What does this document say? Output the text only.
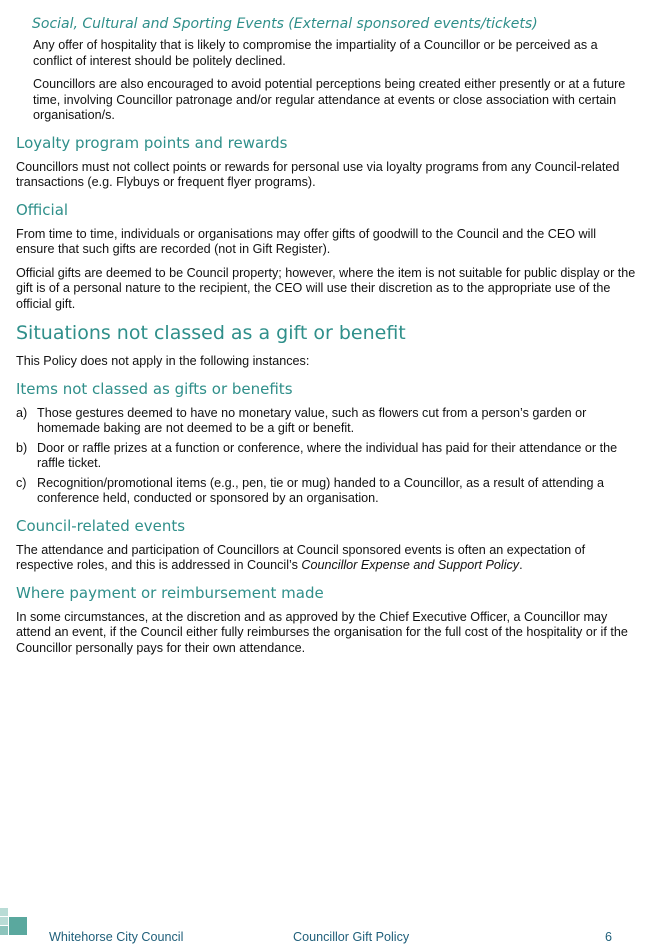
Social, Cultural and Sporting Events (External sponsored events/tickets)

Any offer of hospitality that is likely to compromise the impartiality of a Councillor or be perceived as a conflict of interest should be politely declined.

Councillors are also encouraged to avoid potential perceptions being created either presently or at a future time, involving Councillor patronage and/or regular attendance at events or close association with certain organisation/s.

Loyalty program points and rewards

Councillors must not collect points or rewards for personal use via loyalty programs from any Council-related transactions (e.g. Flybuys or frequent flyer programs).

Official

From time to time, individuals or organisations may offer gifts of goodwill to the Council and the CEO will ensure that such gifts are recorded (not in Gift Register).

Official gifts are deemed to be Council property; however, where the item is not suitable for public display or the gift is of a personal nature to the recipient, the CEO will use their discretion as to the appropriate use of the official gift.

Situations not classed as a gift or benefit

This Policy does not apply in the following instances:

Items not classed as gifts or benefits
a) Those gestures deemed to have no monetary value, such as flowers cut from a person’s garden or homemade baking are not deemed to be a gift or benefit.
b) Door or raffle prizes at a function or conference, where the individual has paid for their attendance or the raffle ticket.
c) Recognition/promotional items (e.g., pen, tie or mug) handed to a Councillor, as a result of attending a conference held, conducted or sponsored by an organisation.
Council-related events

The attendance and participation of Councillors at Council sponsored events is often an expectation of respective roles, and this is addressed in Council’s Councillor Expense and Support Policy.

Where payment or reimbursement made

In some circumstances, at the discretion and as approved by the Chief Executive Officer, a Councillor may attend an event, if the Council either fully reimburses the organisation for the full cost of the hospitality or if the Councillor personally pays for their own attendance.

Whitehorse City Council	Councillor Gift Policy	6
